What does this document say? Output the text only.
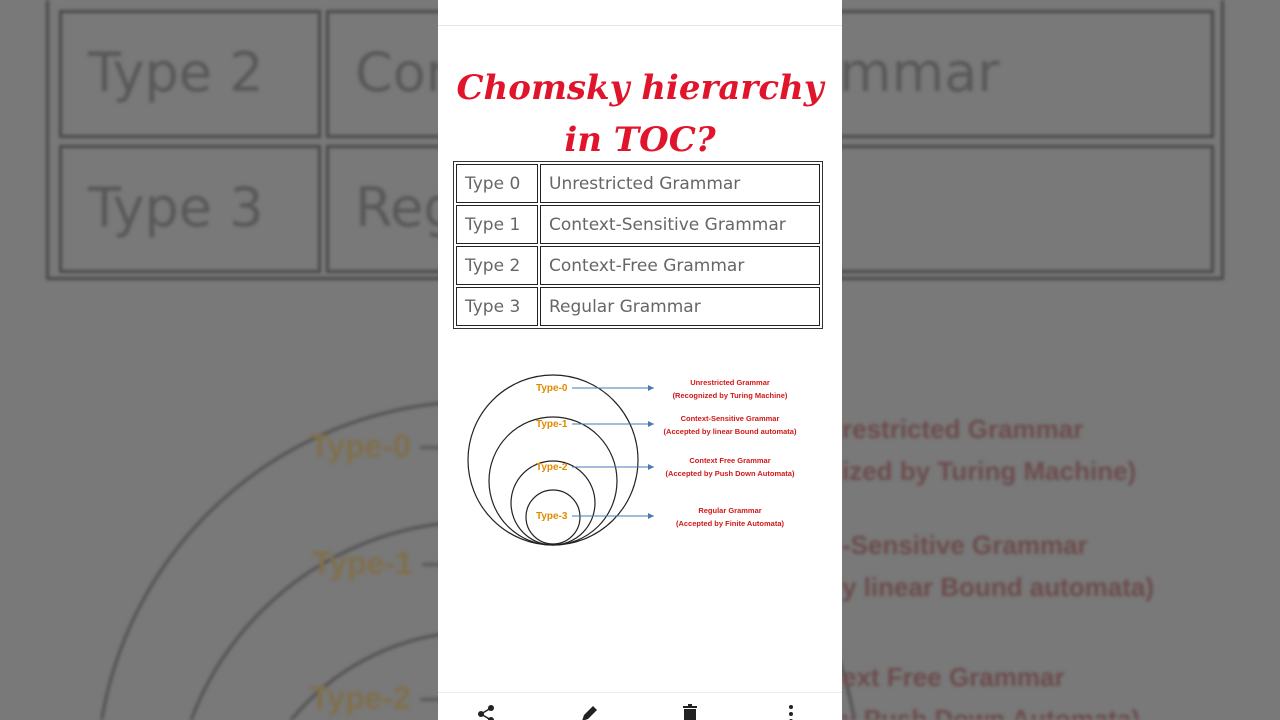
Chomsky hierarchy in TOC?
Type 0	Unrestricted Grammar
Type 1	Context-Sensitive Grammar
Type 2	Context-Free Grammar
Type 3	Regular Grammar
Type-0
Unrestricted Grammar
(Recognized by Turing Machine)
Type-1
Context-Sensitive Grammar
(Accepted by linear Bound automata)
Type-2
Context Free Grammar
(Accepted by Push Down Automata)
Type-3
Regular Grammar
(Accepted by Finite Automata)
